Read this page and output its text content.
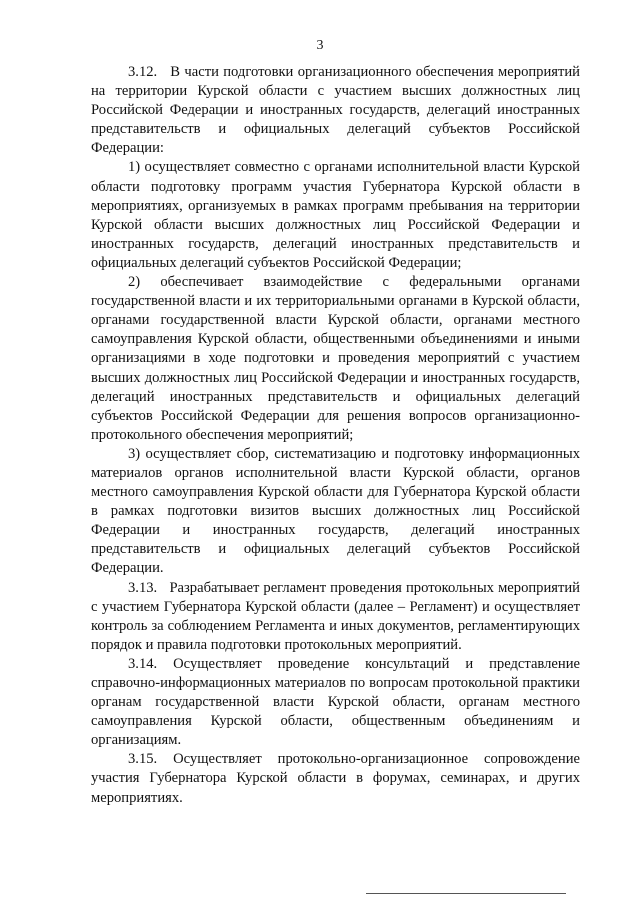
3

3.12.   В части подготовки организационного обеспечения мероприятий на территории Курской области с участием высших должностных лиц Российской Федерации и иностранных государств, делегаций иностранных представительств и официальных делегаций субъектов Российской Федерации:

1) осуществляет совместно с органами исполнительной власти Курской области подготовку программ участия Губернатора Курской области в мероприятиях, организуемых в рамках программ пребывания на территории Курской области высших должностных лиц Российской Федерации и иностранных государств, делегаций иностранных представительств и официальных делегаций субъектов Российской Федерации;

2) обеспечивает взаимодействие с федеральными органами государственной власти и их территориальными органами в Курской области, органами государственной власти Курской области, органами местного самоуправления Курской области, общественными объединениями и иными организациями в ходе подготовки и проведения мероприятий с участием высших должностных лиц Российской Федерации и иностранных государств, делегаций иностранных представительств и официальных делегаций субъектов Российской Федерации для решения вопросов организационно-протокольного обеспечения мероприятий;

3) осуществляет сбор, систематизацию и подготовку информационных материалов органов исполнительной власти Курской области, органов местного самоуправления Курской области для Губернатора Курской области в рамках подготовки визитов высших должностных лиц Российской Федерации и иностранных государств, делегаций иностранных представительств и официальных делегаций субъектов Российской Федерации.

3.13.   Разрабатывает регламент проведения протокольных мероприятий с участием Губернатора Курской области (далее – Регламент) и осуществляет контроль за соблюдением Регламента и иных документов, регламентирующих порядок и правила подготовки протокольных мероприятий.

3.14. Осуществляет проведение консультаций и представление справочно-информационных материалов по вопросам протокольной практики органам государственной власти Курской области, органам местного самоуправления Курской области, общественным объединениям и организациям.

3.15. Осуществляет протокольно-организационное сопровождение участия Губернатора Курской области в форумах, семинарах, и других мероприятиях.
